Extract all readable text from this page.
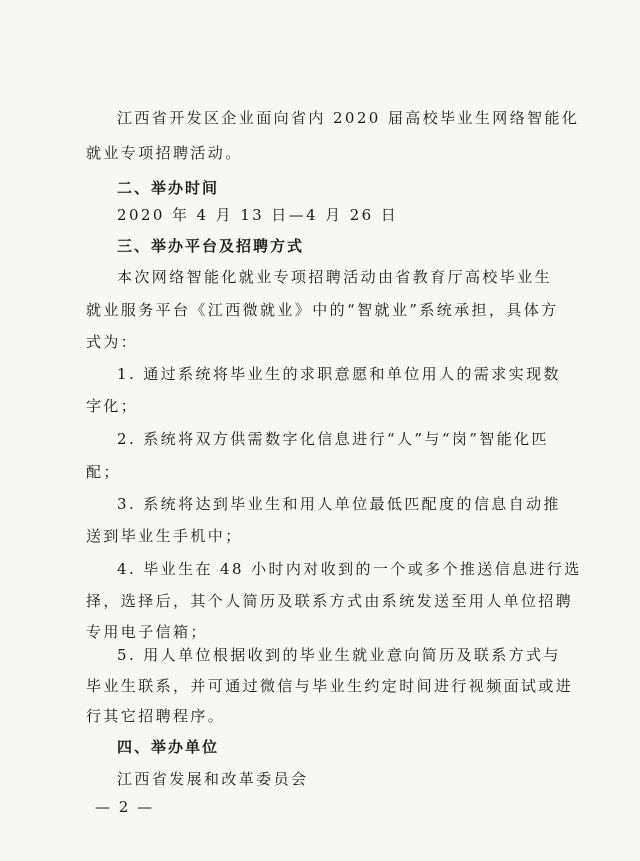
江西省开发区企业面向省内 2020 届高校毕业生网络智能化
就业专项招聘活动。
二、举办时间
2020 年 4 月 13 日—4 月 26 日
三、举办平台及招聘方式
本次网络智能化就业专项招聘活动由省教育厅高校毕业生
就业服务平台《江西微就业》中的“智就业”系统承担，具体方
式为：
1. 通过系统将毕业生的求职意愿和单位用人的需求实现数
字化；
2. 系统将双方供需数字化信息进行“人”与“岗”智能化匹
配；
3. 系统将达到毕业生和用人单位最低匹配度的信息自动推
送到毕业生手机中；
4. 毕业生在 48 小时内对收到的一个或多个推送信息进行选
择，选择后，其个人简历及联系方式由系统发送至用人单位招聘
专用电子信箱；
5. 用人单位根据收到的毕业生就业意向简历及联系方式与
毕业生联系，并可通过微信与毕业生约定时间进行视频面试或进
行其它招聘程序。
四、举办单位
江西省发展和改革委员会
— 2 —
